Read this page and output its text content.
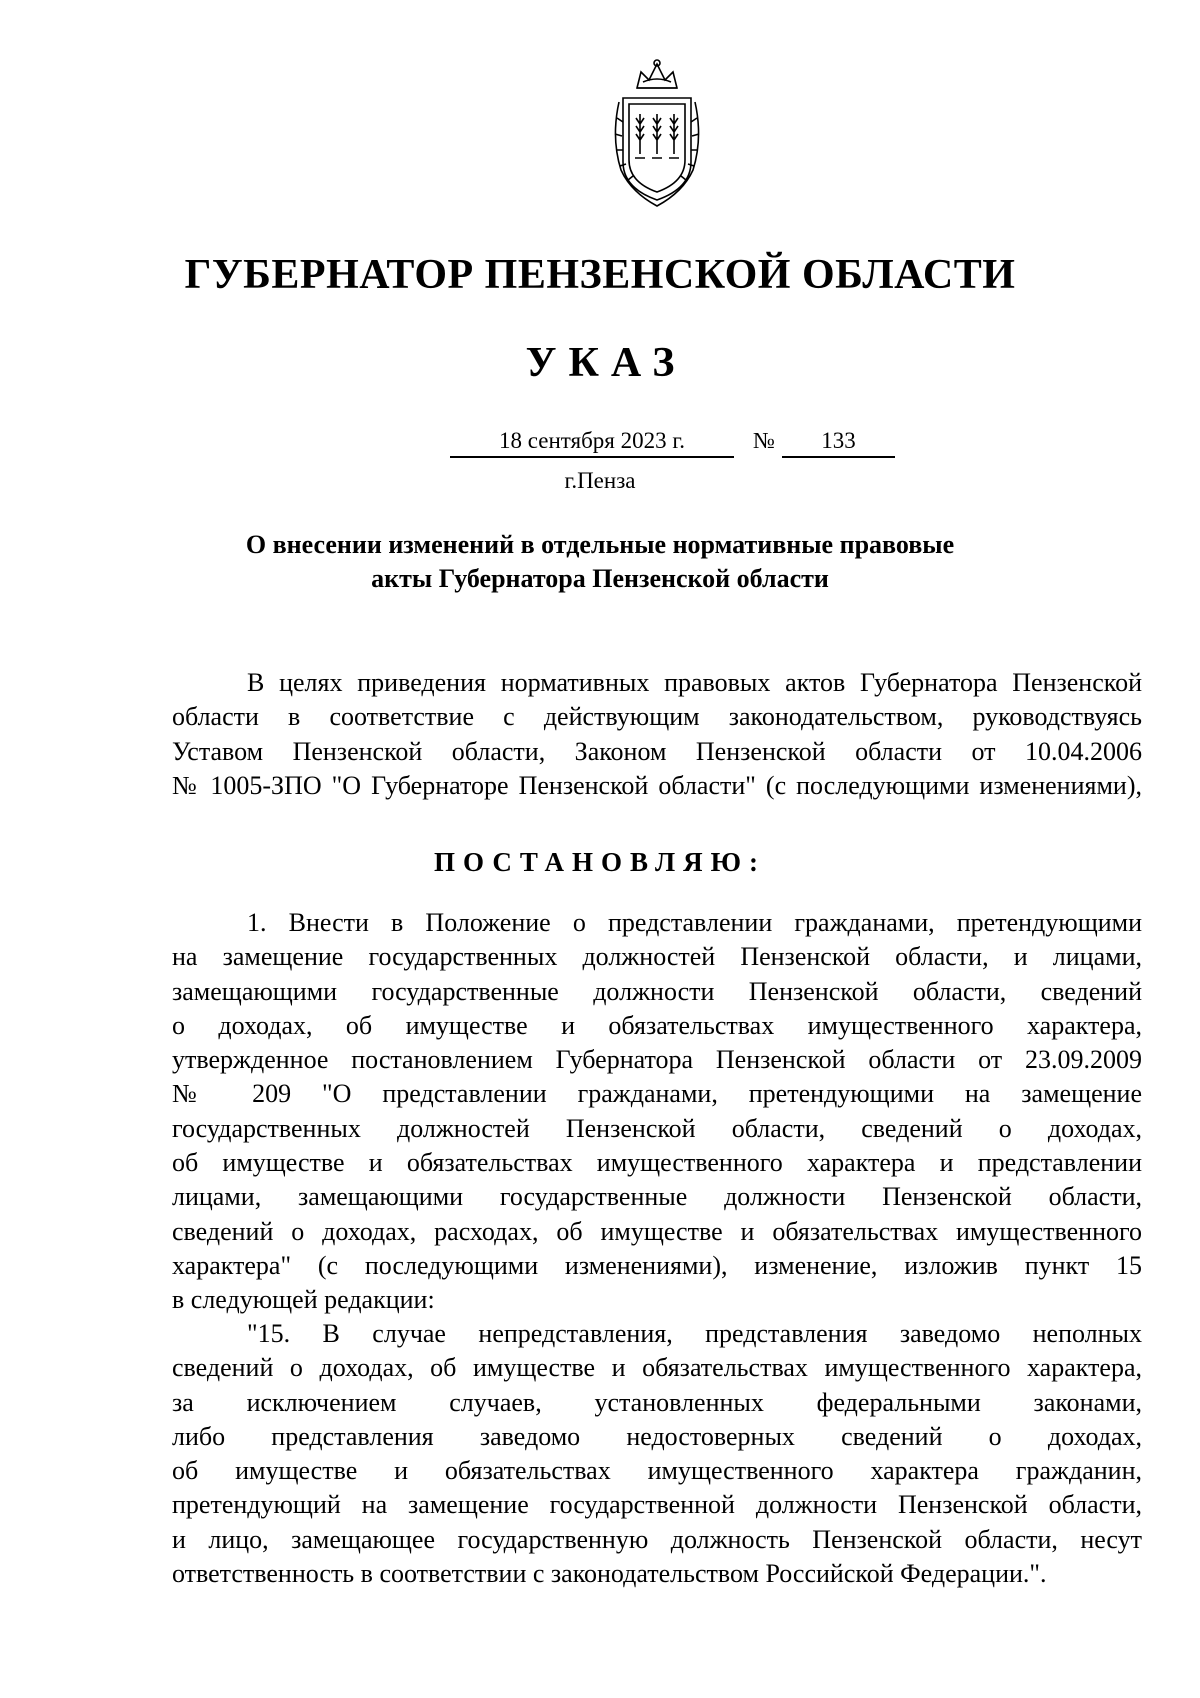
ГУБЕРНАТОР ПЕНЗЕНСКОЙ ОБЛАСТИ
УКАЗ
18 сентября 2023 г.	№	133
г.Пенза
О внесении изменений в отдельные нормативные правовые
акты Губернатора Пензенской области
В целях приведения нормативных правовых актов Губернатора Пензенской
области в соответствие с действующим законодательством, руководствуясь
Уставом Пензенской области, Законом Пензенской области от 10.04.2006
№ 1005-ЗПО "О Губернаторе Пензенской области" (с последующими изменениями),
ПОСТАНОВЛЯЮ:
1. Внести в Положение о представлении гражданами, претендующими
на замещение государственных должностей Пензенской области, и лицами,
замещающими государственные должности Пензенской области, сведений
о доходах, об имуществе и обязательствах имущественного характера,
утвержденное постановлением Губернатора Пензенской области от 23.09.2009
№ 209 "О представлении гражданами, претендующими на замещение
государственных должностей Пензенской области, сведений о доходах,
об имуществе и обязательствах имущественного характера и представлении
лицами, замещающими государственные должности Пензенской области,
сведений о доходах, расходах, об имуществе и обязательствах имущественного
характера" (с последующими изменениями), изменение, изложив пункт 15
в следующей редакции:
"15. В случае непредставления, представления заведомо неполных
сведений о доходах, об имуществе и обязательствах имущественного характера,
за исключением случаев, установленных федеральными законами,
либо представления заведомо недостоверных сведений о доходах,
об имуществе и обязательствах имущественного характера гражданин,
претендующий на замещение государственной должности Пензенской области,
и лицо, замещающее государственную должность Пензенской области, несут
ответственность в соответствии с законодательством Российской Федерации.".
